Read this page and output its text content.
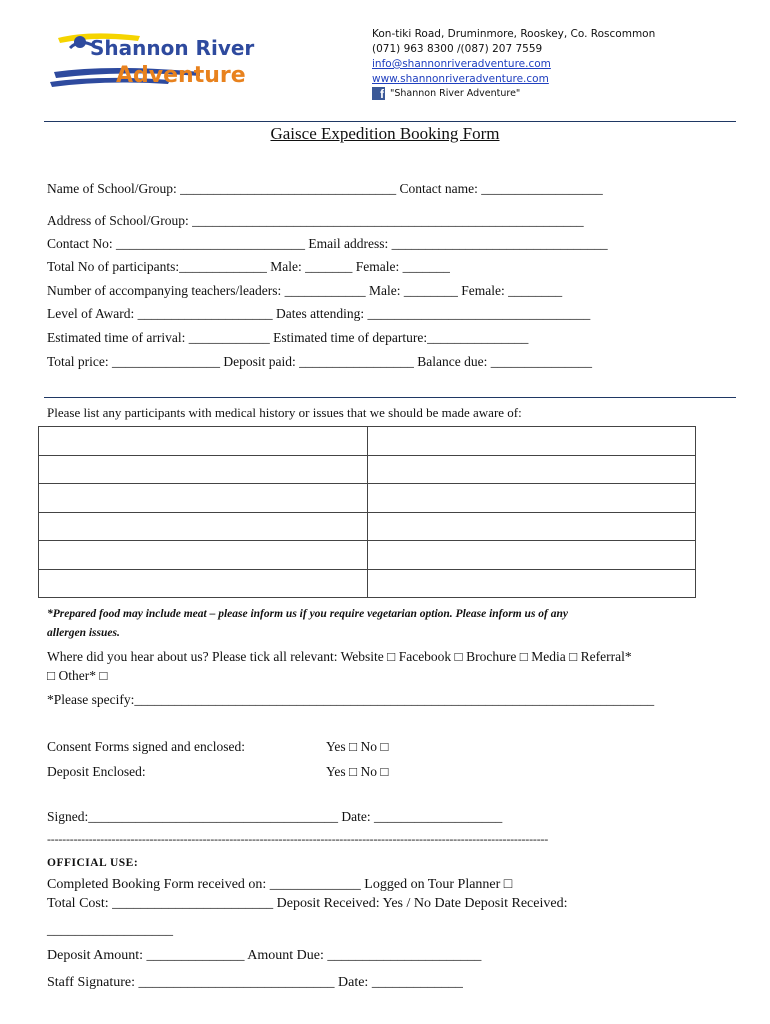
Shannon River
Adventure
Kon-tiki Road, Druminmore, Rooskey, Co. Roscommon
(071) 963 8300 /(087) 207 7559
info@shannonriveradventure.com
www.shannonriveradventure.com
f "Shannon River Adventure"
Gaisce Expedition Booking Form
Name of School/Group: ________________________________ Contact name: __________________
Address of School/Group: __________________________________________________________
Contact No: ____________________________ Email address: ________________________________
Total No of participants:_____________ Male: _______ Female: _______
Number of accompanying teachers/leaders: ____________ Male: ________ Female: ________
Level of Award: ____________________ Dates attending: _________________________________
Estimated time of arrival: ____________ Estimated time of departure:_______________
Total price: ________________ Deposit paid: _________________ Balance due: _______________
Please list any participants with medical history or issues that we should be made aware of:

*Prepared food may include meat – please inform us if you require vegetarian option. Please inform us of any
allergen issues.
Where did you hear about us? Please tick all relevant: Website □ Facebook □ Brochure □ Media □ Referral*
□ Other* □
*Please specify:_____________________________________________________________________________
Consent Forms signed and enclosed:	Yes □ No □
Deposit Enclosed:	Yes □ No □
Signed:_____________________________________ Date: ___________________
------------------------------------------------------------------------------------------------------------------------------------
OFFICIAL USE:
Completed Booking Form received on: _____________ Logged on Tour Planner □
Total Cost: _______________________ Deposit Received: Yes / No Date Deposit Received:
__________________
Deposit Amount: ______________ Amount Due: ______________________
Staff Signature: ____________________________ Date: _____________
